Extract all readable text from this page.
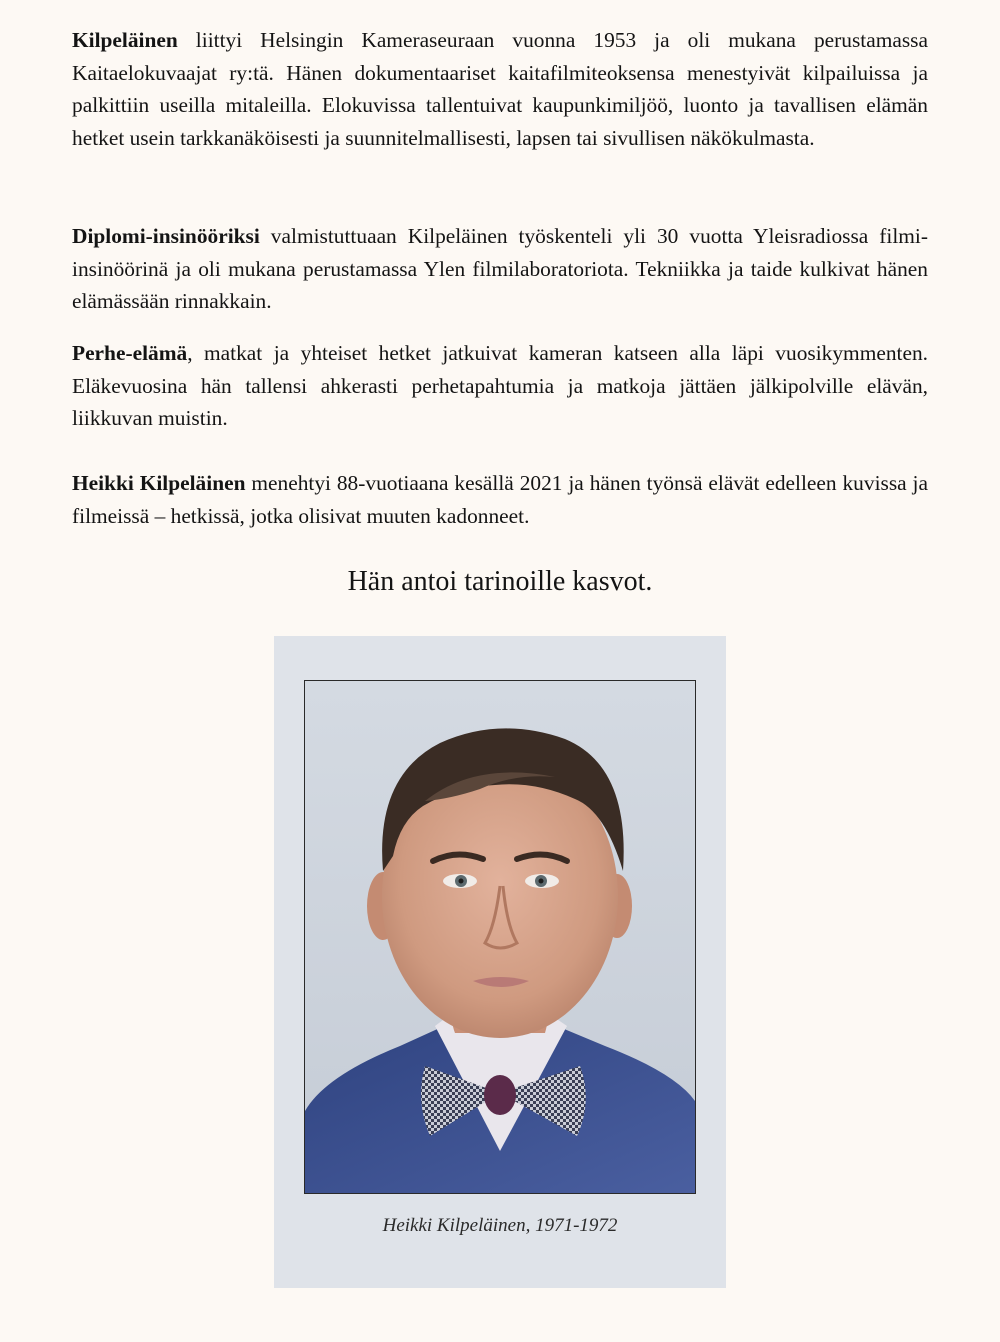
Kilpeläinen liittyi Helsingin Kameraseuraan vuonna 1953 ja oli mukana perustamassa Kaitaelokuvaajat ry:tä. Hänen dokumentaariset kaitafilmiteoksensa menestyivät kilpailuissa ja palkittiin useilla mitaleilla. Elokuvissa tallentuivat kaupunkimiljöö, luonto ja tavallisen elämän hetket usein tarkkanäköisesti ja suunnitelmallisesti, lapsen tai sivullisen näkökulmasta.

Diplomi-insinööriksi valmistuttuaan Kilpeläinen työskenteli yli 30 vuotta Yleisradiossa filmi-insinöörinä ja oli mukana perustamassa Ylen filmilaboratoriota. Tekniikka ja taide kulkivat hänen elämässään rinnakkain.

Perhe-elämä, matkat ja yhteiset hetket jatkuivat kameran katseen alla läpi vuosikymmenten. Eläkevuosina hän tallensi ahkerasti perhetapahtumia ja matkoja jättäen jälkipolville elävän, liikkuvan muistin.

Heikki Kilpeläinen menehtyi 88-vuotiaana kesällä 2021 ja hänen työnsä elävät edelleen kuvissa ja filmeissä – hetkissä, jotka olisivat muuten kadonneet.

Hän antoi tarinoille kasvot.

Heikki Kilpeläinen, 1971-1972
